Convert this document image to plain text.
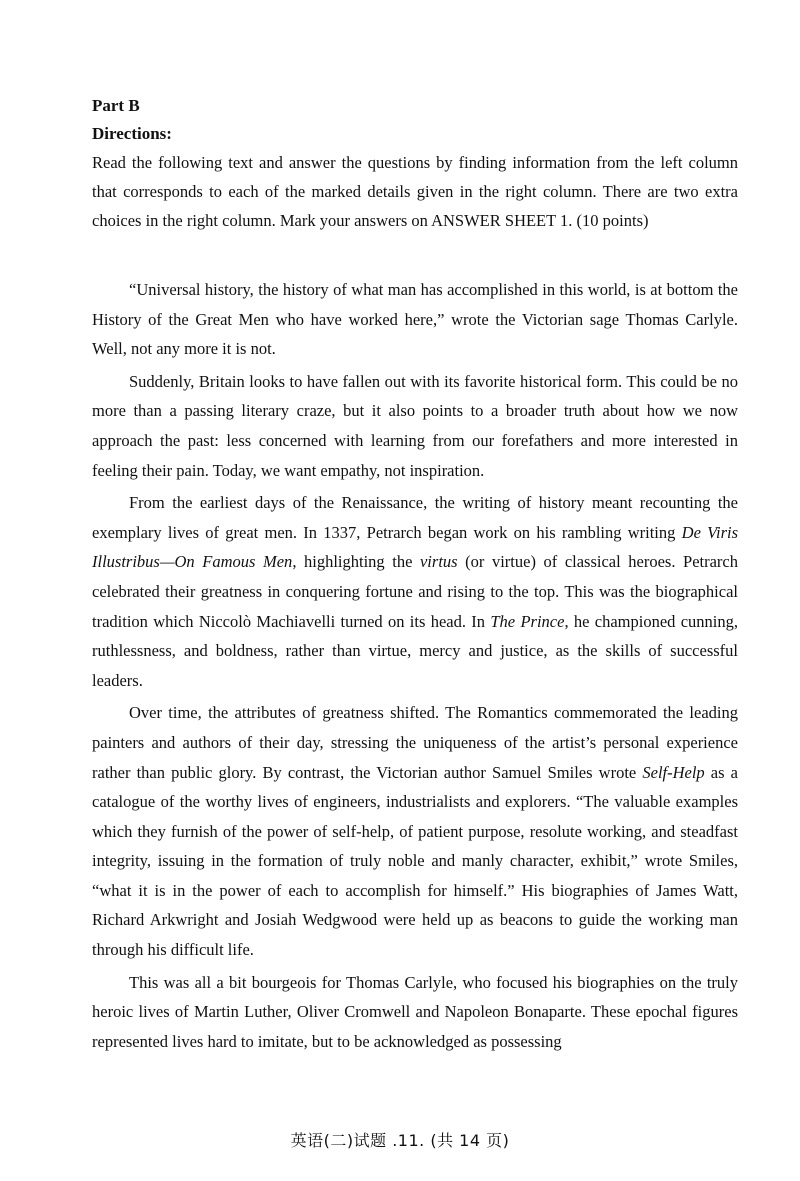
Part B

Directions:

Read the following text and answer the questions by finding information from the left column that corresponds to each of the marked details given in the right column. There are two extra choices in the right column. Mark your answers on ANSWER SHEET 1. (10 points)

“Universal history, the history of what man has accomplished in this world, is at bottom the History of the Great Men who have worked here,” wrote the Victorian sage Thomas Carlyle. Well, not any more it is not.

Suddenly, Britain looks to have fallen out with its favorite historical form. This could be no more than a passing literary craze, but it also points to a broader truth about how we now approach the past: less concerned with learning from our forefathers and more interested in feeling their pain. Today, we want empathy, not inspiration.

From the earliest days of the Renaissance, the writing of history meant recounting the exemplary lives of great men. In 1337, Petrarch began work on his rambling writing De Viris Illustribus—On Famous Men, highlighting the virtus (or virtue) of classical heroes. Petrarch celebrated their greatness in conquering fortune and rising to the top. This was the biographical tradition which Niccolò Machiavelli turned on its head. In The Prince, he championed cunning, ruthlessness, and boldness, rather than virtue, mercy and justice, as the skills of successful leaders.

Over time, the attributes of greatness shifted. The Romantics commemorated the leading painters and authors of their day, stressing the uniqueness of the artist’s personal experience rather than public glory. By contrast, the Victorian author Samuel Smiles wrote Self-Help as a catalogue of the worthy lives of engineers, industrialists and explorers. “The valuable examples which they furnish of the power of self-help, of patient purpose, resolute working, and steadfast integrity, issuing in the formation of truly noble and manly character, exhibit,” wrote Smiles, “what it is in the power of each to accomplish for himself.” His biographies of James Watt, Richard Arkwright and Josiah Wedgwood were held up as beacons to guide the working man through his difficult life.

This was all a bit bourgeois for Thomas Carlyle, who focused his biographies on the truly heroic lives of Martin Luther, Oliver Cromwell and Napoleon Bonaparte. These epochal figures represented lives hard to imitate, but to be acknowledged as possessing

英语(二)试题 .11. (共 14 页)
